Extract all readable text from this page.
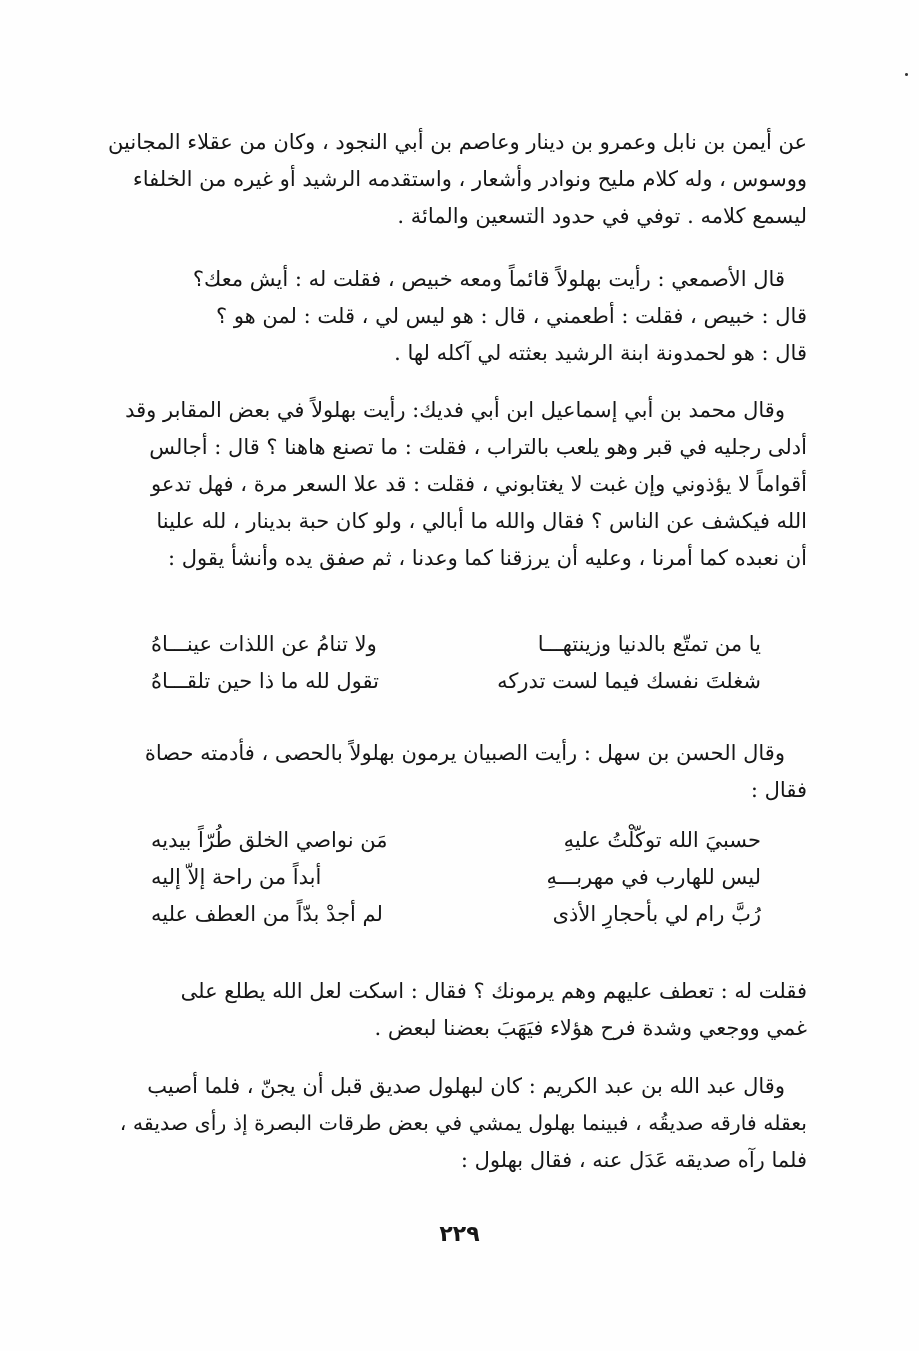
عن أيمن بن نابل وعمرو بن دينار وعاصم بن أبي النجود ، وكان من عقلاء المجانين
ووسوس ، وله كلام مليح ونوادر وأشعار ، واستقدمه الرشيد أو غيره من الخلفاء
ليسمع كلامه . توفي في حدود التسعين والمائة .
قال الأصمعي : رأيت بهلولاً قائماً ومعه خبيص ، فقلت له : أيش معك؟
قال : خبيص ، فقلت : أطعمني ، قال : هو ليس لي ، قلت : لمن هو ؟
قال : هو لحمدونة ابنة الرشيد بعثته لي آكله لها .
وقال محمد بن أبي إسماعيل ابن أبي فديك: رأيت بهلولاً في بعض المقابر وقد
أدلى رجليه في قبر وهو يلعب بالتراب ، فقلت : ما تصنع هاهنا ؟ قال : أجالس
أقواماً لا يؤذوني وإن غبت لا يغتابوني ، فقلت : قد علا السعر مرة ، فهل تدعو
الله فيكشف عن الناس ؟ فقال والله ما أبالي ، ولو كان حبة بدينار ، لله علينا
أن نعبده كما أمرنا ، وعليه أن يرزقنا كما وعدنا ، ثم صفق يده وأنشأ يقول :
يا من تمتّع بالدنيا وزينتهـــا
ولا تنامُ عن اللذات عينـــاهُ
شغلتَ نفسك فيما لست تدركه
تقول لله ما ذا حين تلقـــاهُ
وقال الحسن بن سهل : رأيت الصبيان يرمون بهلولاً بالحصى ، فأدمته حصاة
فقال :
حسبيَ الله توكّلْتُ عليهِ
مَن نواصي الخلق طُرّاً بيديه
ليس للهارب في مهربـــهِ
أبداً من راحة إلاّ إليه
رُبَّ رام لي بأحجارِ الأذى
لم أجدْ بدّاً من العطف عليه
فقلت له : تعطف عليهم وهم يرمونك ؟ فقال : اسكت لعل الله يطلع على
غمي ووجعي وشدة فرح هؤلاء فيَهَبَ بعضنا لبعض .
وقال عبد الله بن عبد الكريم : كان لبهلول صديق قبل أن يجنّ ، فلما أصيب
بعقله فارقه صديقُه ، فبينما بهلول يمشي في بعض طرقات البصرة إذ رأى صديقه ،
فلما رآه صديقه عَدَل عنه ، فقال بهلول :
٢٢٩
